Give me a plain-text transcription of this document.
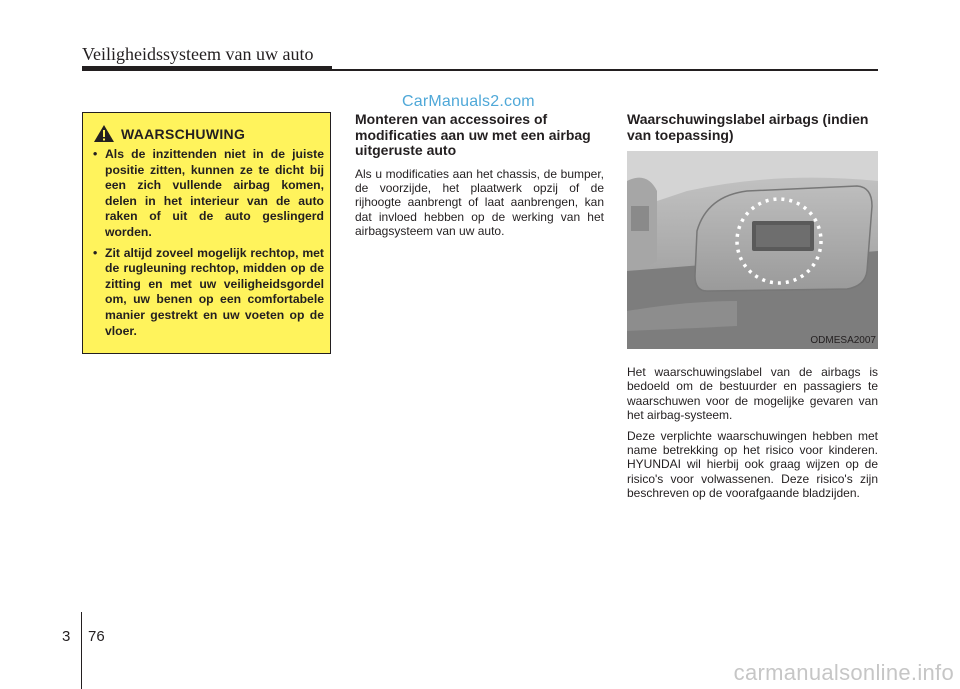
Veiligheidssysteem van uw auto
CarManuals2.com
WAARSCHUWING
• Als de inzittenden niet in de juiste positie zitten, kunnen ze te dicht bij een zich vullende airbag komen, delen in het interieur van de auto raken of uit de auto geslingerd worden.
• Zit altijd zoveel mogelijk rechtop, met de rugleuning rechtop, midden op de zitting en met uw veiligheidsgordel om, uw benen op een comfortabele manier gestrekt en uw voeten op de vloer.
Monteren van accessoires of modificaties aan uw met een airbag uitgeruste auto

Als u modificaties aan het chassis, de bumper, de voorzijde, het plaatwerk opzij of de rijhoogte aanbrengt of laat aanbrengen, kan dat invloed hebben op de werking van het airbagsysteem van uw auto.

Waarschuwingslabel airbags (indien van toepassing)
ODMESA2007

Het waarschuwingslabel van de airbags is bedoeld om de bestuurder en passagiers te waarschuwen voor de mogelijke gevaren van het airbag-systeem.

Deze verplichte waarschuwingen hebben met name betrekking op het risico voor kinderen. HYUNDAI wil hierbij ook graag wijzen op de risico's voor volwassenen. Deze risico's zijn beschreven op de voorafgaande bladzijden.

3 76
carmanualsonline.info
